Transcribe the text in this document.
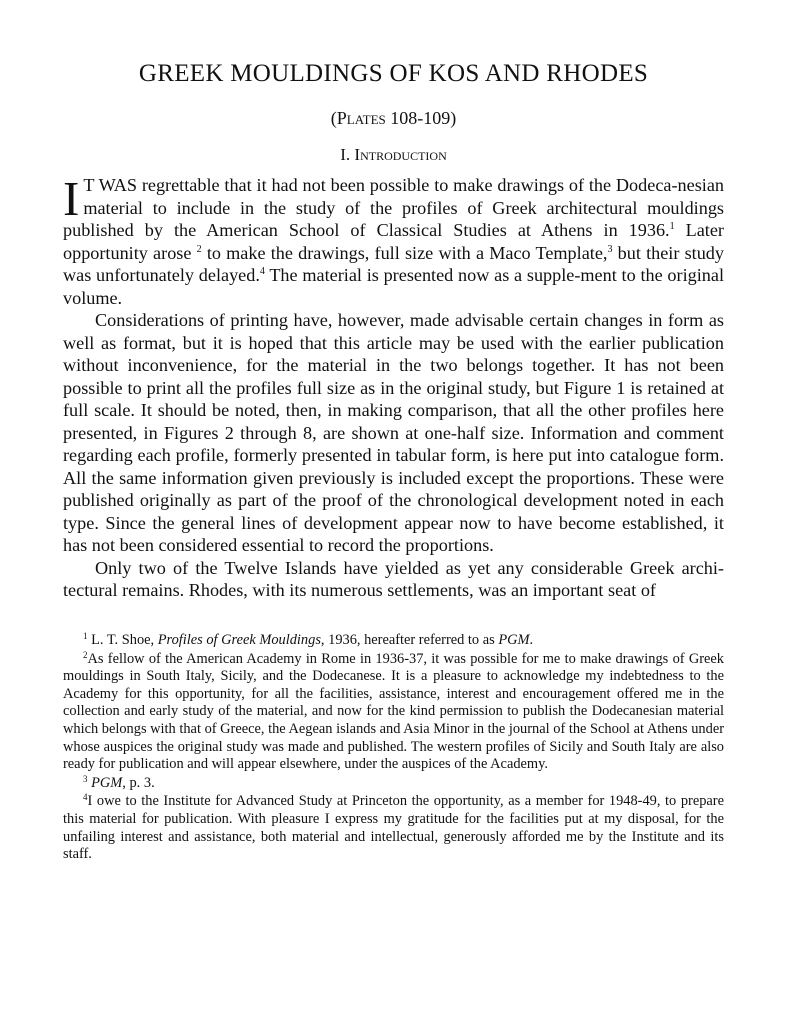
GREEK MOULDINGS OF KOS AND RHODES
(Plates 108-109)
I. Introduction

I T WAS regrettable that it had not been possible to make drawings of the Dodeca-nesian material to include in the study of the profiles of Greek architectural mouldings published by the American School of Classical Studies at Athens in 1936.$^1$ Later opportunity arose $^2$ to make the drawings, full size with a Maco Template,$^3$ but their study was unfortunately delayed.$^4$ The material is presented now as a supple-ment to the original volume.

Considerations of printing have, however, made advisable certain changes in form as well as format, but it is hoped that this article may be used with the earlier publication without inconvenience, for the material in the two belongs together. It has not been possible to print all the profiles full size as in the original study, but Figure 1 is retained at full scale. It should be noted, then, in making comparison, that all the other profiles here presented, in Figures 2 through 8, are shown at one-half size. Information and comment regarding each profile, formerly presented in tabular form, is here put into catalogue form. All the same information given previously is included except the proportions. These were published originally as part of the proof of the chronological development noted in each type. Since the general lines of development appear now to have become established, it has not been considered essential to record the proportions.

Only two of the Twelve Islands have yielded as yet any considerable Greek archi-tectural remains. Rhodes, with its numerous settlements, was an important seat of

$^1$ L. T. Shoe, Profiles of Greek Mouldings, 1936, hereafter referred to as PGM.

$^2$As fellow of the American Academy in Rome in 1936-37, it was possible for me to make drawings of Greek mouldings in South Italy, Sicily, and the Dodecanese. It is a pleasure to acknowledge my indebtedness to the Academy for this opportunity, for all the facilities, assistance, interest and encouragement offered me in the collection and early study of the material, and now for the kind permission to publish the Dodecanesian material which belongs with that of Greece, the Aegean islands and Asia Minor in the journal of the School at Athens under whose auspices the original study was made and published. The western profiles of Sicily and South Italy are also ready for publication and will appear elsewhere, under the auspices of the Academy.

$^3$ PGM, p. 3.

$^4$I owe to the Institute for Advanced Study at Princeton the opportunity, as a member for 1948-49, to prepare this material for publication. With pleasure I express my gratitude for the facilities put at my disposal, for the unfailing interest and assistance, both material and intellectual, generously afforded me by the Institute and its staff.
